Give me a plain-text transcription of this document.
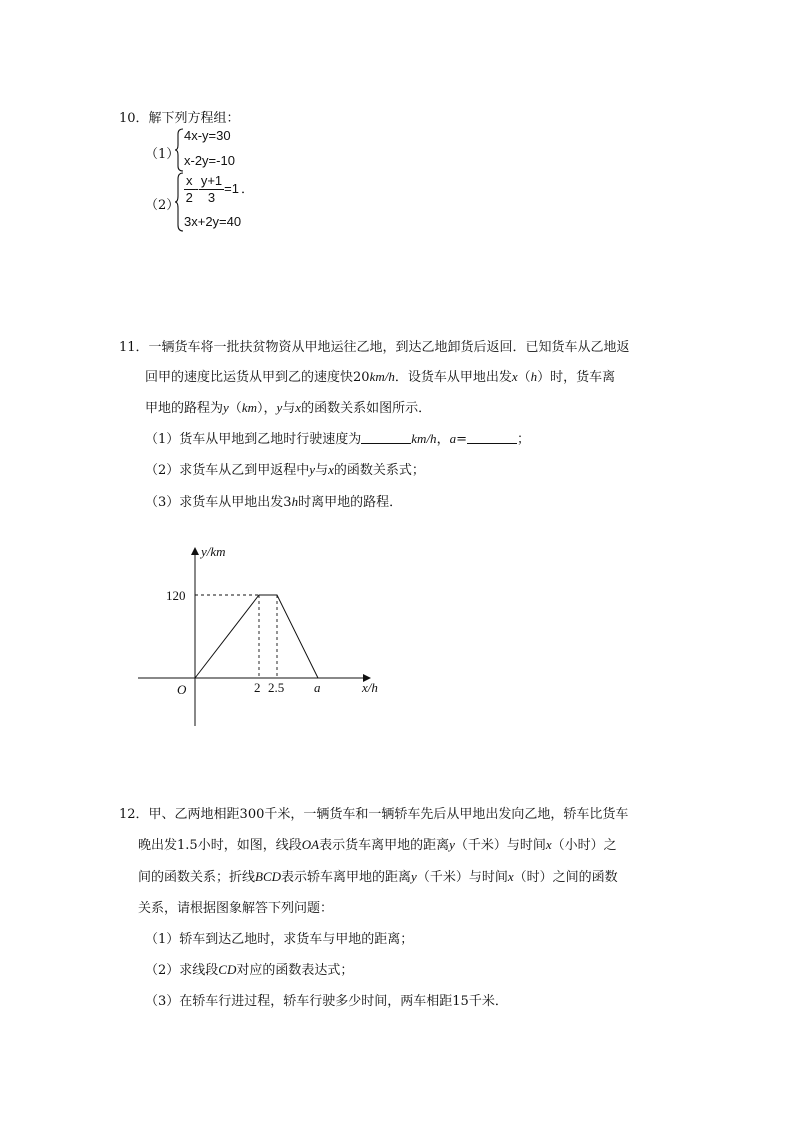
10．解下列方程组：
（1）
4x-y=30
x-2y=-10
$(2) \frac{x}{2} - \frac{y+1}{3} =1$ ．
3x+2y=40
11．一辆货车将一批扶贫物资从甲地运往乙地，到达乙地卸货后返回．已知货车从乙地返
回甲的速度比运货从甲到乙的速度快20km/h．设货车从甲地出发x（h）时，货车离
甲地的路程为y（km），y与x的函数关系如图所示．
（1）货车从甲地到乙地时行驶速度为	km/h，a=	；
（2）求货车从乙到甲返程中y与x的函数关系式；
（3）求货车从甲地出发3h时离甲地的路程．
y/km
x/h
O
120
2 2.5 a
12．甲、乙两地相距300千米，一辆货车和一辆轿车先后从甲地出发向乙地，轿车比货车
晚出发1.5小时，如图，线段OA表示货车离甲地的距离y（千米）与时间x（小时）之
间的函数关系；折线BCD表示轿车离甲地的距离y（千米）与时间x（时）之间的函数
关系，请根据图象解答下列问题：
（1）轿车到达乙地时，求货车与甲地的距离；
（2）求线段CD对应的函数表达式；
（3）在轿车行进过程，轿车行驶多少时间，两车相距15千米．
